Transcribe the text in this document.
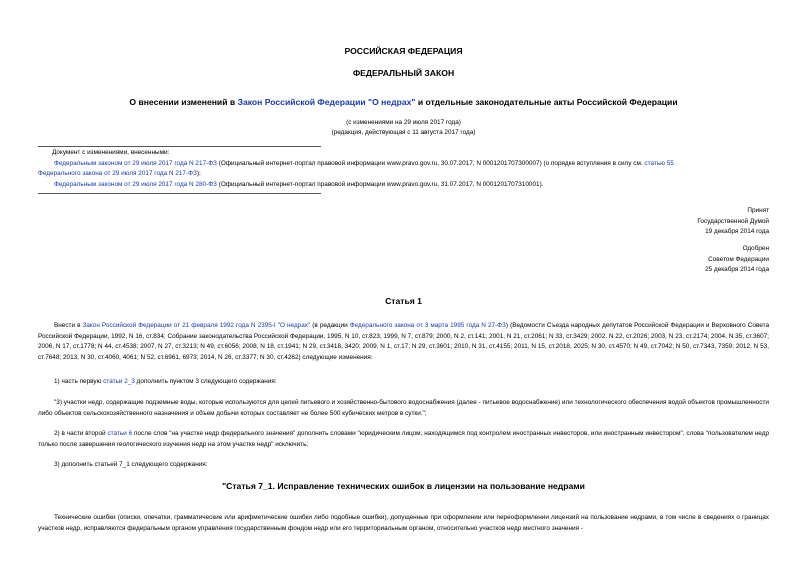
РОССИЙСКАЯ ФЕДЕРАЦИЯ
ФЕДЕРАЛЬНЫЙ ЗАКОН
О внесении изменений в Закон Российской Федерации "О недрах" и отдельные законодательные акты Российской Федерации
(с изменениями на 29 июля 2017 года)
(редакция, действующая с 11 августа 2017 года)
Документ с изменениями, внесенными:
Федеральным законом от 29 июля 2017 года N 217-ФЗ (Официальный интернет-портал правовой информации www.pravo.gov.ru, 30.07.2017, N 0001201707300007) (о порядке вступления в силу см. статью 55
Федерального закона от 29 июля 2017 года N 217-ФЗ);
Федеральным законом от 29 июля 2017 года N 280-ФЗ (Официальный интернет-портал правовой информации www.pravo.gov.ru, 31.07.2017, N 0001201707310001).
Принят
Государственной Думой
19 декабря 2014 года
Одобрен
Советом Федерации
25 декабря 2014 года
Статья 1
Внести в Закон Российской Федерации от 21 февраля 1992 года N 2395-I "О недрах" (в редакции Федерального закона от 3 марта 1995 года N 27-ФЗ) (Ведомости Съезда народных депутатов Российской Федерации и Верховного Совета Российской Федерации, 1992, N 16, ст.834; Собрание законодательства Российской Федерации, 1995, N 10, ст.823; 1999, N 7, ст.879; 2000, N 2, ст.141; 2001, N 21, ст.2061; N 33, ст.3429; 2002, N 22, ст.2026; 2003, N 23, ст.2174; 2004, N 35, ст.3607; 2006, N 17, ст.1778; N 44, ст.4538; 2007, N 27, ст.3213; N 49, ст.6056; 2008, N 18, ст.1941; N 29, ст.3418, 3420; 2009, N 1, ст.17; N 29, ст.3601; 2010, N 31, ст.4155; 2011, N 15, ст.2018, 2025; N 30, ст.4570; N 49, ст.7042; N 50, ст.7343, 7359; 2012, N 53, ст.7648; 2013, N 30, ст.4060, 4061; N 52, ст.6961, 6973; 2014, N 26, ст.3377; N 30, ст.4262) следующие изменения:
1) часть первую статьи 2_3 дополнить пунктом 3 следующего содержания:
"3) участки недр, содержащие подземные воды, которые используются для целей питьевого и хозяйственно-бытового водоснабжения (далее - питьевое водоснабжение) или технологического обеспечения водой объектов промышленности либо объектов сельскохозяйственного назначения и объем добычи которых составляет не более 500 кубических метров в сутки.";
2) в части второй статьи 6 после слов "на участке недр федерального значения" дополнить словами "юридическим лицом, находящимся под контролем иностранных инвесторов, или иностранным инвестором", слова "пользователем недр только после завершения геологического изучения недр на этом участке недр" исключить;
3) дополнить статьей 7_1 следующего содержания:
"Статья 7_1. Исправление технических ошибок в лицензии на пользование недрами
Технические ошибки (описки, опечатки, грамматические или арифметические ошибки либо подобные ошибки), допущенные при оформлении или переоформлении лицензий на пользование недрами, в том числе в сведениях о границах участков недр, исправляются федеральным органом управления государственным фондом недр или его территориальным органом, относительно участков недр местного значения -
